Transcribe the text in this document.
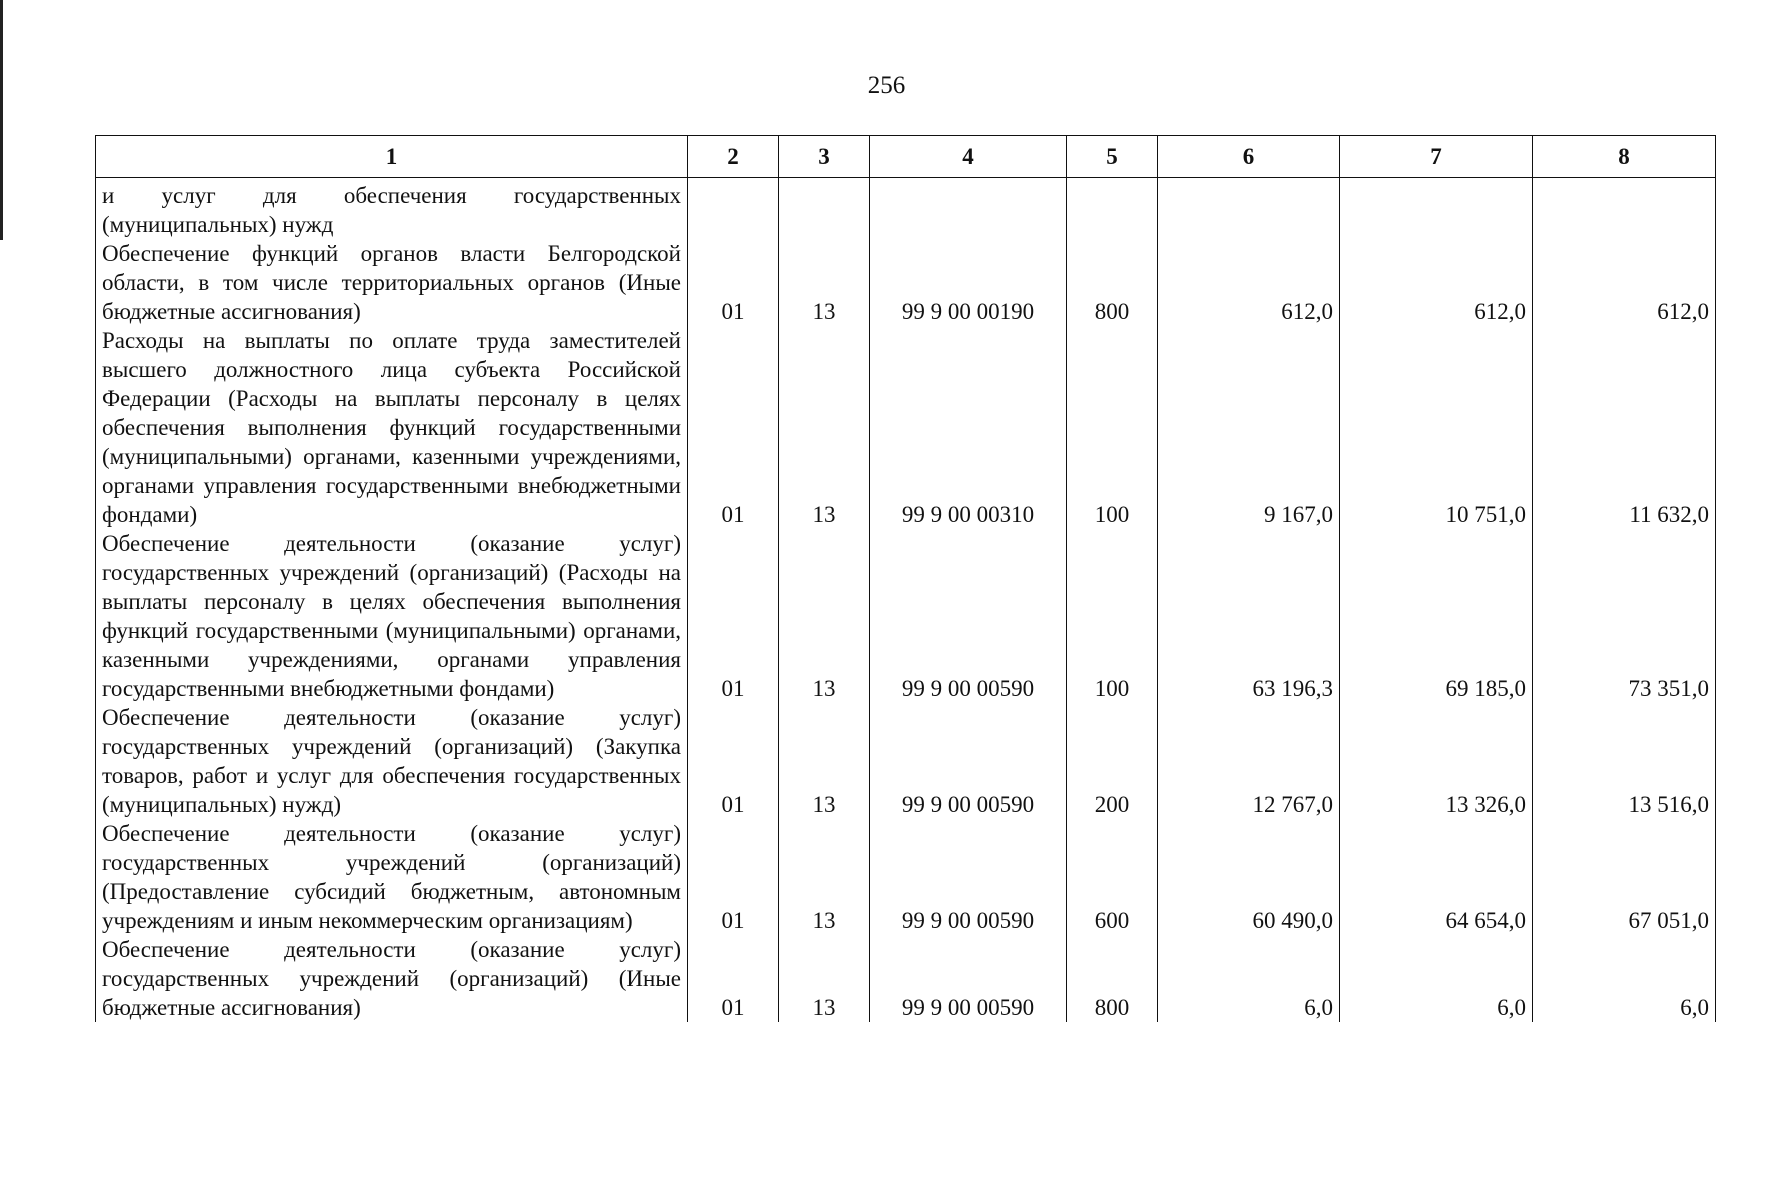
256
1	2	3	4	5	6	7	8
и услуг для обеспечения государственных (муниципальных) нужд							
Обеспечение функций органов власти Белгородской области, в том числе территориальных органов (Иные бюджетные ассигнования)	01	13	99 9 00 00190	800	612,0	612,0	612,0
Расходы на выплаты по оплате труда заместителей высшего должностного лица субъекта Российской Федерации (Расходы на выплаты персоналу в целях обеспечения выполнения функций государственными (муниципальными) органами, казенными учреждениями, органами управления государственными внебюджетными фондами)	01	13	99 9 00 00310	100	9 167,0	10 751,0	11 632,0
Обеспечение деятельности (оказание услуг) государственных учреждений (организаций) (Расходы на выплаты персоналу в целях обеспечения выполнения функций государственными (муниципальными) органами, казенными учреждениями, органами управления государственными внебюджетными фондами)	01	13	99 9 00 00590	100	63 196,3	69 185,0	73 351,0
Обеспечение деятельности (оказание услуг) государственных учреждений (организаций) (Закупка товаров, работ и услуг для обеспечения государственных (муниципальных) нужд)	01	13	99 9 00 00590	200	12 767,0	13 326,0	13 516,0
Обеспечение деятельности (оказание услуг) государственных учреждений (организаций) (Предоставление субсидий бюджетным, автономным учреждениям и иным некоммерческим организациям)	01	13	99 9 00 00590	600	60 490,0	64 654,0	67 051,0
Обеспечение деятельности (оказание услуг) государственных учреждений (организаций) (Иные бюджетные ассигнования)	01	13	99 9 00 00590	800	6,0	6,0	6,0
